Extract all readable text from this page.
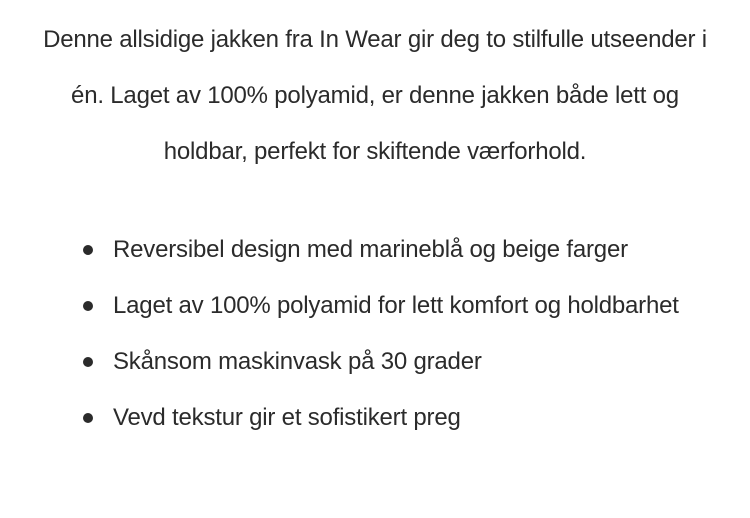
Denne allsidige jakken fra In Wear gir deg to stilfulle utseender i
én. Laget av 100% polyamid, er denne jakken både lett og
holdbar, perfekt for skiftende værforhold.

Reversibel design med marineblå og beige farger
Laget av 100% polyamid for lett komfort og holdbarhet
Skånsom maskinvask på 30 grader
Vevd tekstur gir et sofistikert preg
